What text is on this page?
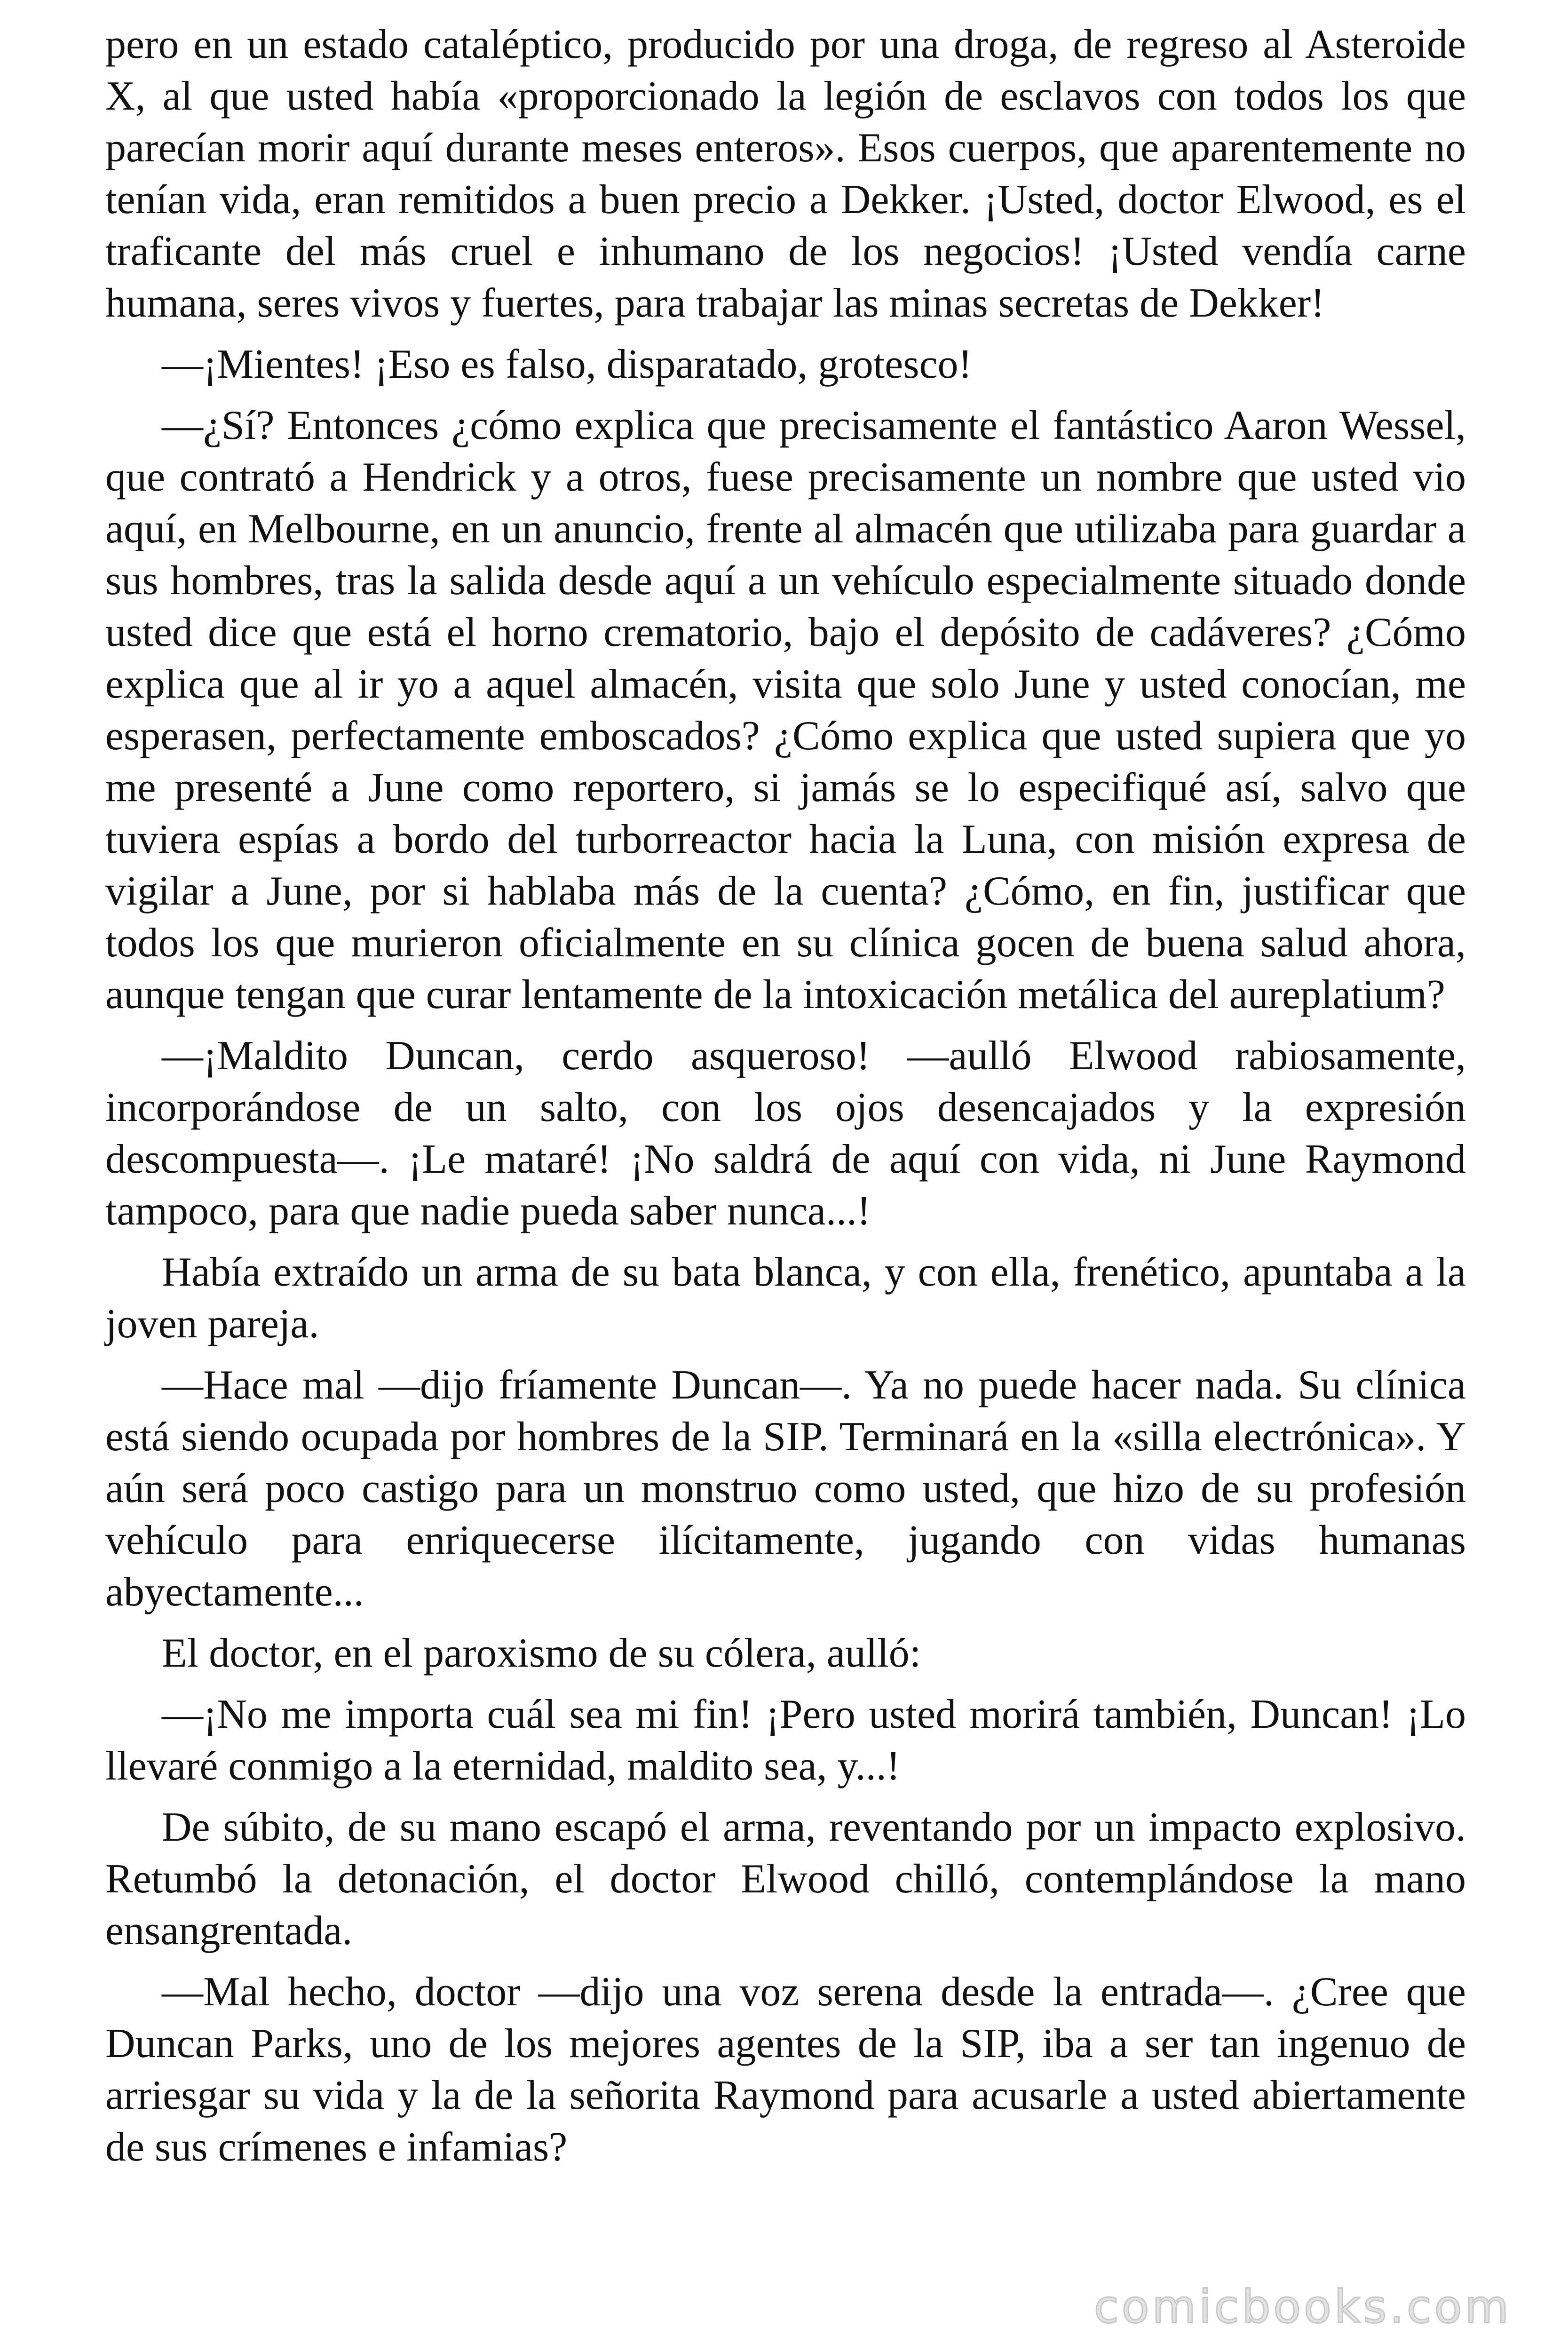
pero en un estado cataléptico, producido por una droga, de regreso al Asteroide X, al que usted había «proporcionado la legión de esclavos con todos los que parecían morir aquí durante meses enteros». Esos cuerpos, que aparentemente no tenían vida, eran remitidos a buen precio a Dekker. ¡Usted, doctor Elwood, es el traficante del más cruel e inhumano de los negocios! ¡Usted vendía carne humana, seres vivos y fuertes, para trabajar las minas secretas de Dekker!

—¡Mientes! ¡Eso es falso, disparatado, grotesco!

—¿Sí? Entonces ¿cómo explica que precisamente el fantástico Aaron Wessel, que contrató a Hendrick y a otros, fuese precisamente un nombre que usted vio aquí, en Melbourne, en un anuncio, frente al almacén que utilizaba para guardar a sus hombres, tras la salida desde aquí a un vehículo especialmente situado donde usted dice que está el horno crematorio, bajo el depósito de cadáveres? ¿Cómo explica que al ir yo a aquel almacén, visita que solo June y usted conocían, me esperasen, perfectamente emboscados? ¿Cómo explica que usted supiera que yo me presenté a June como reportero, si jamás se lo especifiqué así, salvo que tuviera espías a bordo del turborreactor hacia la Luna, con misión expresa de vigilar a June, por si hablaba más de la cuenta? ¿Cómo, en fin, justificar que todos los que murieron oficialmente en su clínica gocen de buena salud ahora, aunque tengan que curar lentamente de la intoxicación metálica del aureplatium?

—¡Maldito Duncan, cerdo asqueroso! —aulló Elwood rabiosamente, incorporándose de un salto, con los ojos desencajados y la expresión descompuesta—. ¡Le mataré! ¡No saldrá de aquí con vida, ni June Raymond tampoco, para que nadie pueda saber nunca...!

Había extraído un arma de su bata blanca, y con ella, frenético, apuntaba a la joven pareja.

—Hace mal —dijo fríamente Duncan—. Ya no puede hacer nada. Su clínica está siendo ocupada por hombres de la SIP. Terminará en la «silla electrónica». Y aún será poco castigo para un monstruo como usted, que hizo de su profesión vehículo para enriquecerse ilícitamente, jugando con vidas humanas abyectamente...

El doctor, en el paroxismo de su cólera, aulló:

—¡No me importa cuál sea mi fin! ¡Pero usted morirá también, Duncan! ¡Lo llevaré conmigo a la eternidad, maldito sea, y...!

De súbito, de su mano escapó el arma, reventando por un impacto explosivo. Retumbó la detonación, el doctor Elwood chilló, contemplándose la mano ensangrentada.

—Mal hecho, doctor —dijo una voz serena desde la entrada—. ¿Cree que Duncan Parks, uno de los mejores agentes de la SIP, iba a ser tan ingenuo de arriesgar su vida y la de la señorita Raymond para acusarle a usted abiertamente de sus crímenes e infamias?

comicbooks.com
